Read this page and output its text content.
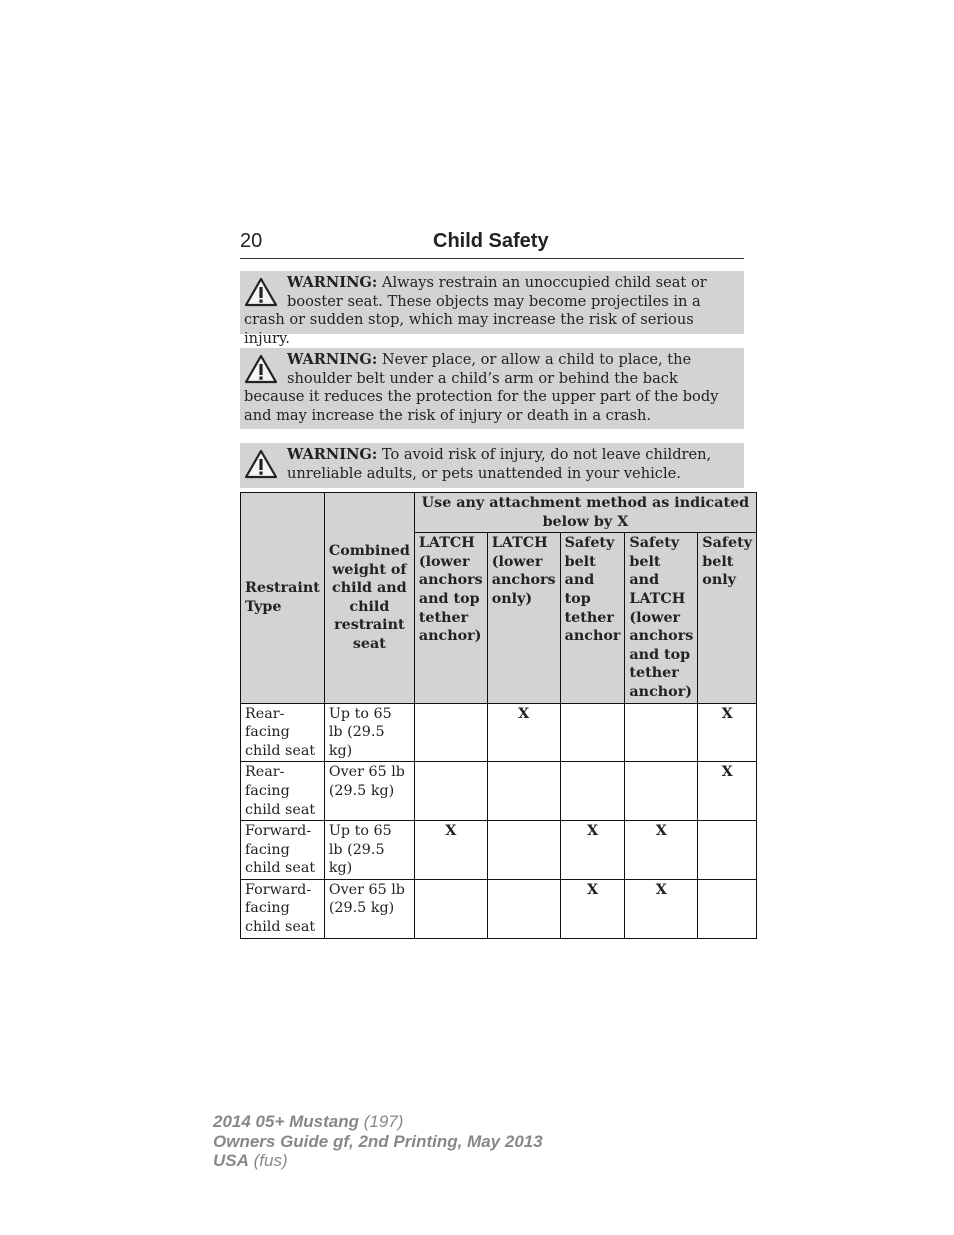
20	Child Safety
WARNING: Always restrain an unoccupied child seat or booster seat. These objects may become projectiles in a crash or sudden stop, which may increase the risk of serious injury.
WARNING: Never place, or allow a child to place, the shoulder belt under a child’s arm or behind the back because it reduces the protection for the upper part of the body and may increase the risk of injury or death in a crash.
WARNING: To avoid risk of injury, do not leave children, unreliable adults, or pets unattended in your vehicle.
Restraint Type	Combined weight of child and child restraint seat	Use any attachment method as indicated below by X				
		LATCH (lower anchors and top tether anchor)	LATCH (lower anchors only)	Safety belt and top tether anchor	Safety belt and LATCH (lower anchors and top tether anchor)	Safety belt only
Rear-facing child seat	Up to 65 lb (29.5 kg)		X			X
Rear-facing child seat	Over 65 lb (29.5 kg)					X
Forward-facing child seat	Up to 65 lb (29.5 kg)	X		X	X	
Forward-facing child seat	Over 65 lb (29.5 kg)			X	X	
2014 05+ Mustang (197)
Owners Guide gf, 2nd Printing, May 2013
USA (fus)
